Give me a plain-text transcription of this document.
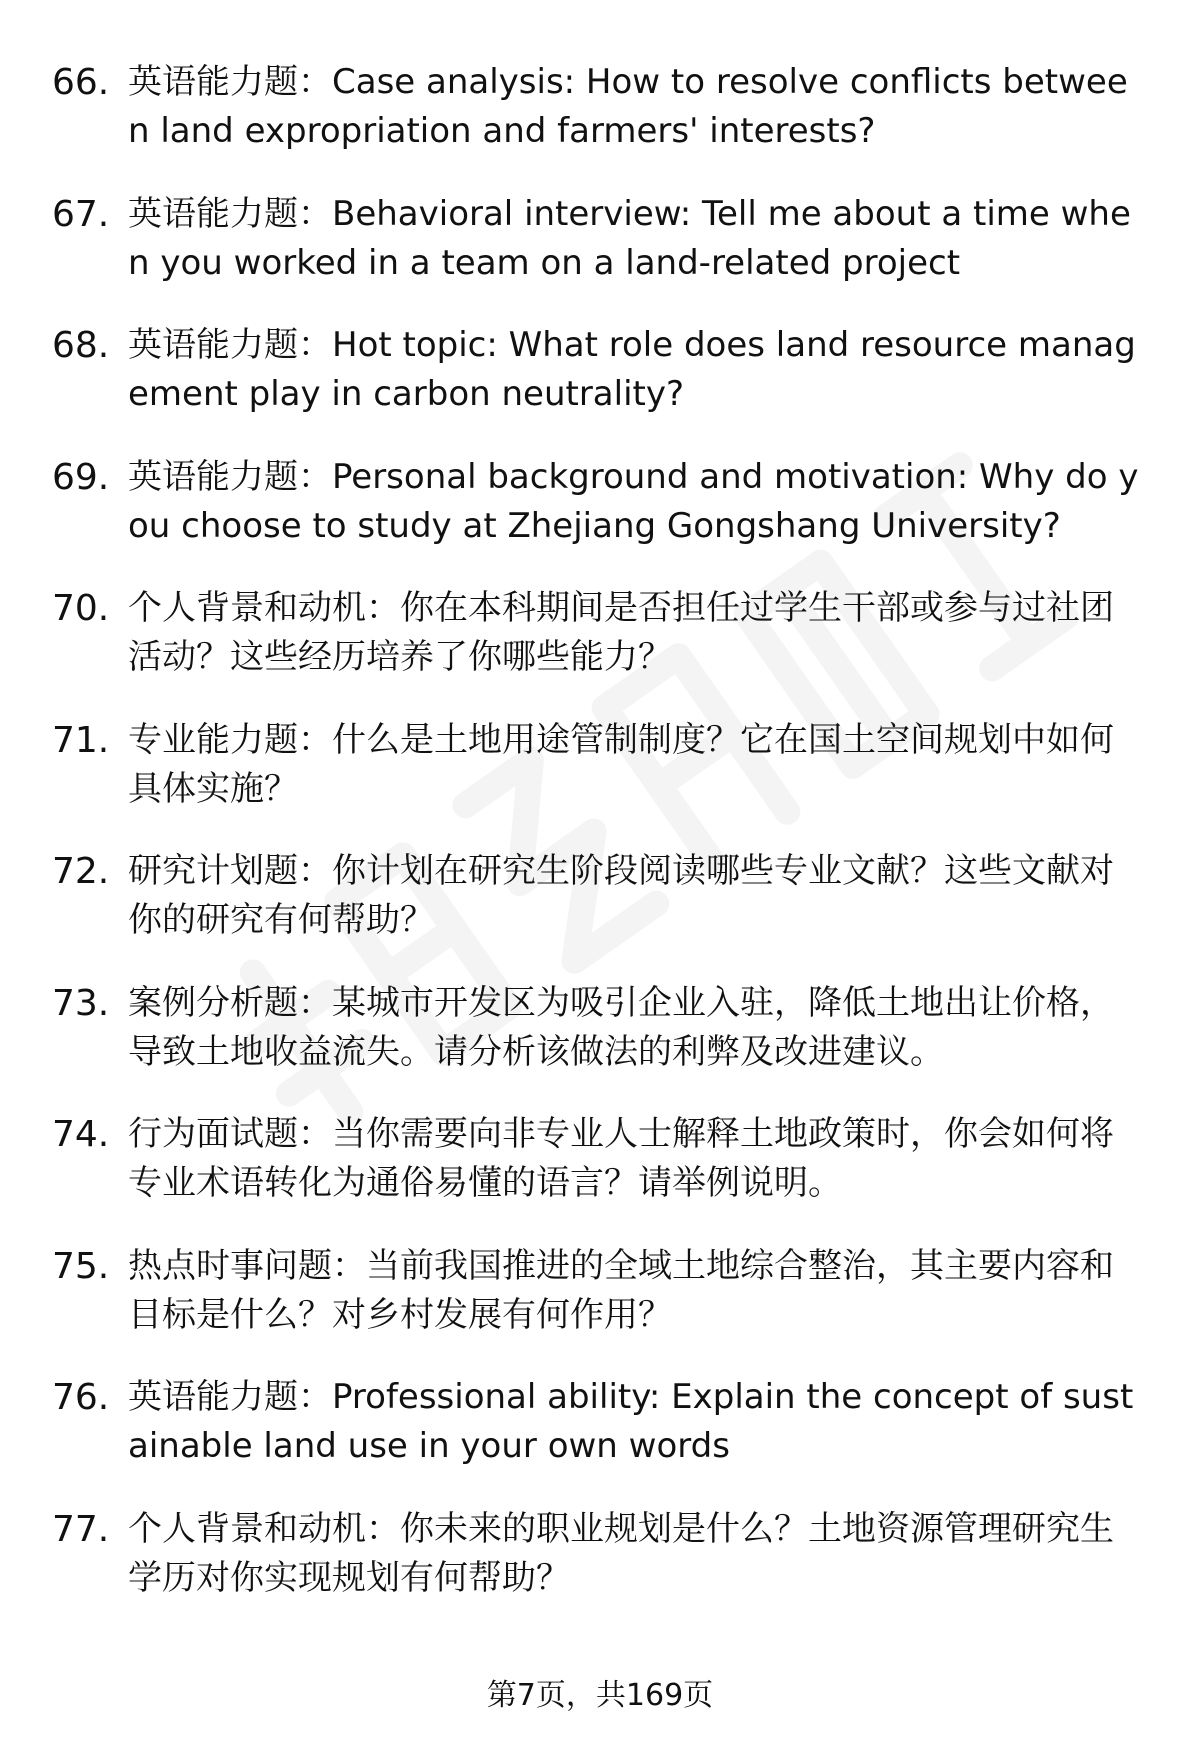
66. 英语能力题：Case analysis: How to resolve conflicts between land expropriation and farmers' interests?
67. 英语能力题：Behavioral interview: Tell me about a time when you worked in a team on a land-related project
68. 英语能力题：Hot topic: What role does land resource management play in carbon neutrality?
69. 英语能力题：Personal background and motivation: Why do you choose to study at Zhejiang Gongshang University?
70. 个人背景和动机：你在本科期间是否担任过学生干部或参与过社团活动？这些经历培养了你哪些能力？
71. 专业能力题：什么是土地用途管制制度？它在国土空间规划中如何具体实施？
72. 研究计划题：你计划在研究生阶段阅读哪些专业文献？这些文献对你的研究有何帮助？
73. 案例分析题：某城市开发区为吸引企业入驻，降低土地出让价格，导致土地收益流失。请分析该做法的利弊及改进建议。
74. 行为面试题：当你需要向非专业人士解释土地政策时，你会如何将专业术语转化为通俗易懂的语言？请举例说明。
75. 热点时事问题：当前我国推进的全域土地综合整治，其主要内容和目标是什么？对乡村发展有何作用？
76. 英语能力题：Professional ability: Explain the concept of sustainable land use in your own words
77. 个人背景和动机：你未来的职业规划是什么？土地资源管理研究生学历对你实现规划有何帮助？
第7页，共169页
